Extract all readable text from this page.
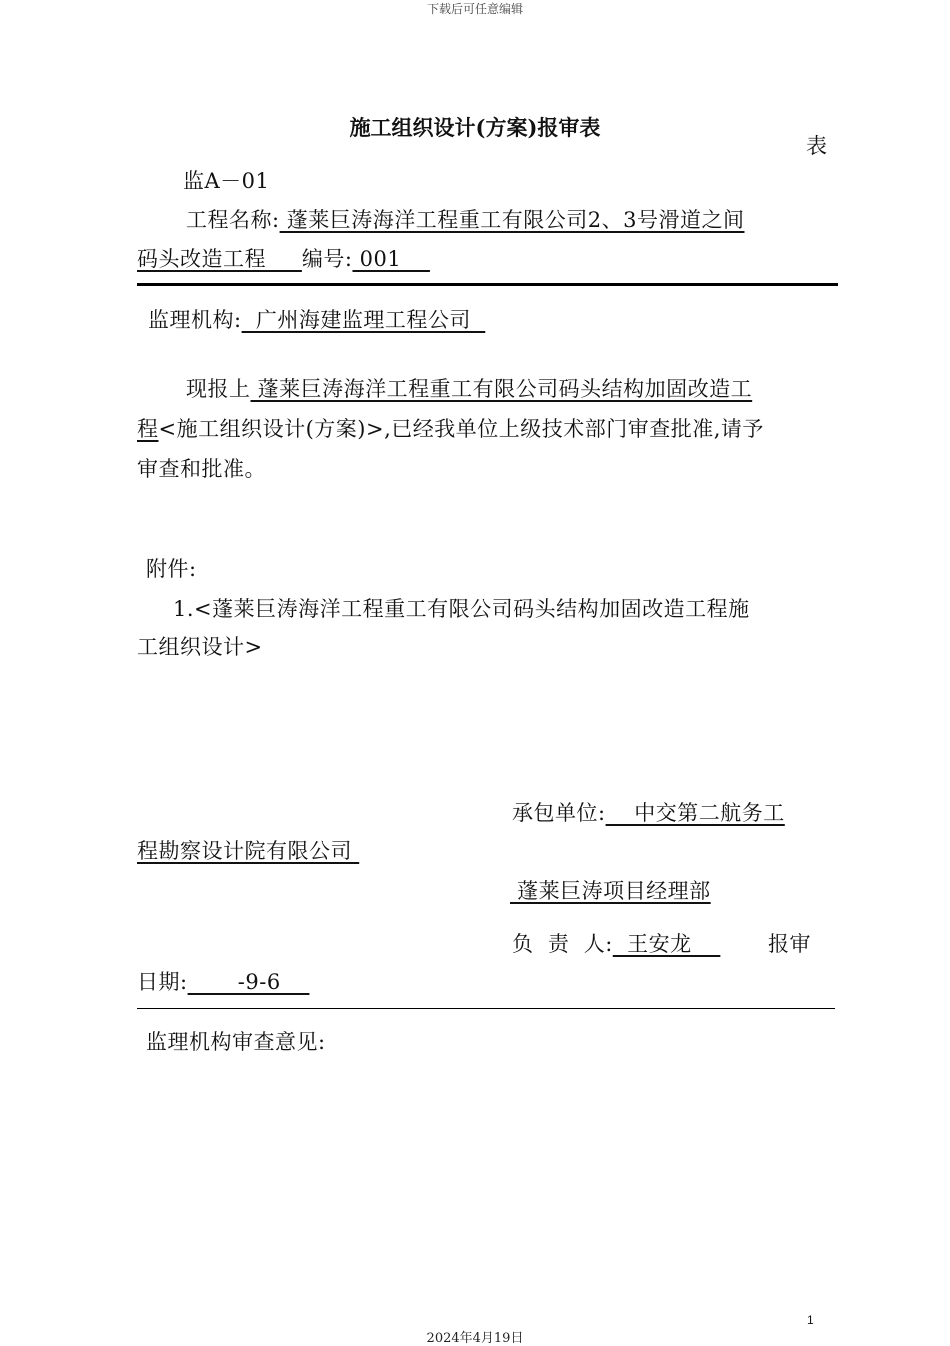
下载后可任意编辑
施工组织设计(方案)报审表
表
监A－01
工程名称: 蓬莱巨涛海洋工程重工有限公司2、3号滑道之间
码头改造工程     编号: 001
监理机构:  广州海建监理工程公司
现报上 蓬莱巨涛海洋工程重工有限公司码头结构加固改造工
程<施工组织设计(方案)>,已经我单位上级技术部门审查批准,请予
审查和批准。
附件:
1.<蓬莱巨涛海洋工程重工有限公司码头结构加固改造工程施
工组织设计>
承包单位:    中交第二航务工
程勘察设计院有限公司
蓬莱巨涛项目经理部
负  责  人:  王安龙 报审
日期:       -9-6
监理机构审查意见:
1
2024年4月19日
